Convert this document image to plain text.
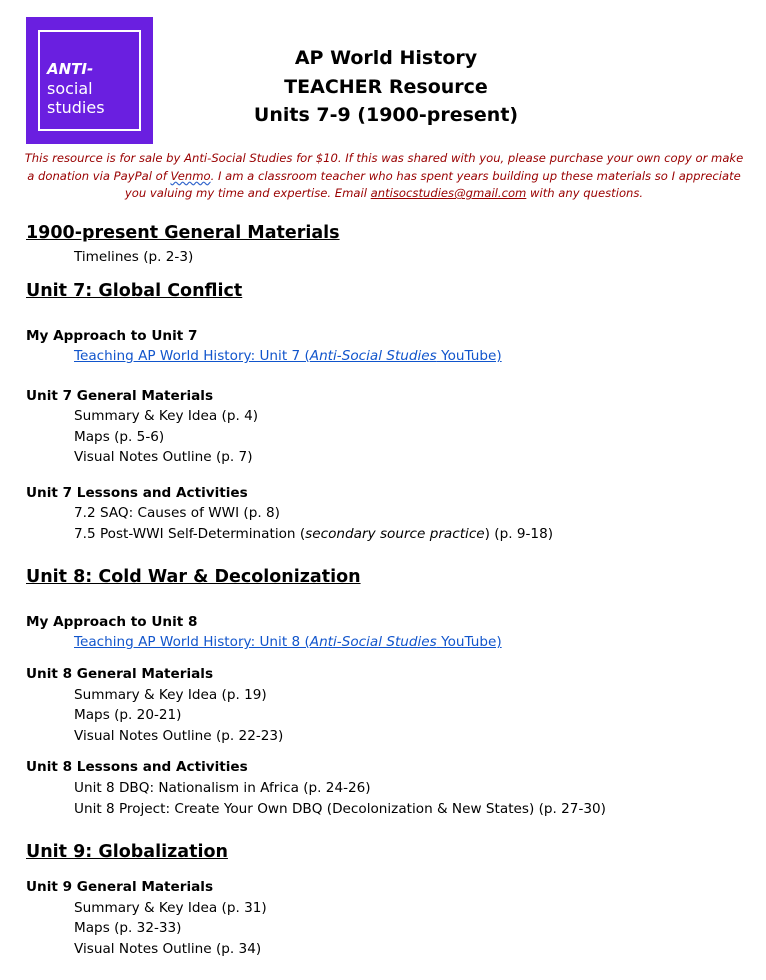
ANTI-
social
studies
AP World History
TEACHER Resource
Units 7-9 (1900-present)
This resource is for sale by Anti-Social Studies for $10. If this was shared with you, please purchase your own copy or make a donation via PayPal of Venmo. I am a classroom teacher who has spent years building up these materials so I appreciate you valuing my time and expertise. Email antisocstudies@gmail.com with any questions.
1900-present General Materials
Timelines (p. 2-3)
Unit 7: Global Conflict
My Approach to Unit 7
Teaching AP World History: Unit 7 (Anti-Social Studies YouTube)
Unit 7 General Materials
Summary & Key Idea (p. 4)
Maps (p. 5-6)
Visual Notes Outline (p. 7)
Unit 7 Lessons and Activities
7.2 SAQ: Causes of WWI (p. 8)
7.5 Post-WWI Self-Determination (secondary source practice) (p. 9-18)
Unit 8: Cold War & Decolonization
My Approach to Unit 8
Teaching AP World History: Unit 8 (Anti-Social Studies YouTube)
Unit 8 General Materials
Summary & Key Idea (p. 19)
Maps (p. 20-21)
Visual Notes Outline (p. 22-23)
Unit 8 Lessons and Activities
Unit 8 DBQ: Nationalism in Africa (p. 24-26)
Unit 8 Project: Create Your Own DBQ (Decolonization & New States) (p. 27-30)
Unit 9: Globalization
Unit 9 General Materials
Summary & Key Idea (p. 31)
Maps (p. 32-33)
Visual Notes Outline (p. 34)
